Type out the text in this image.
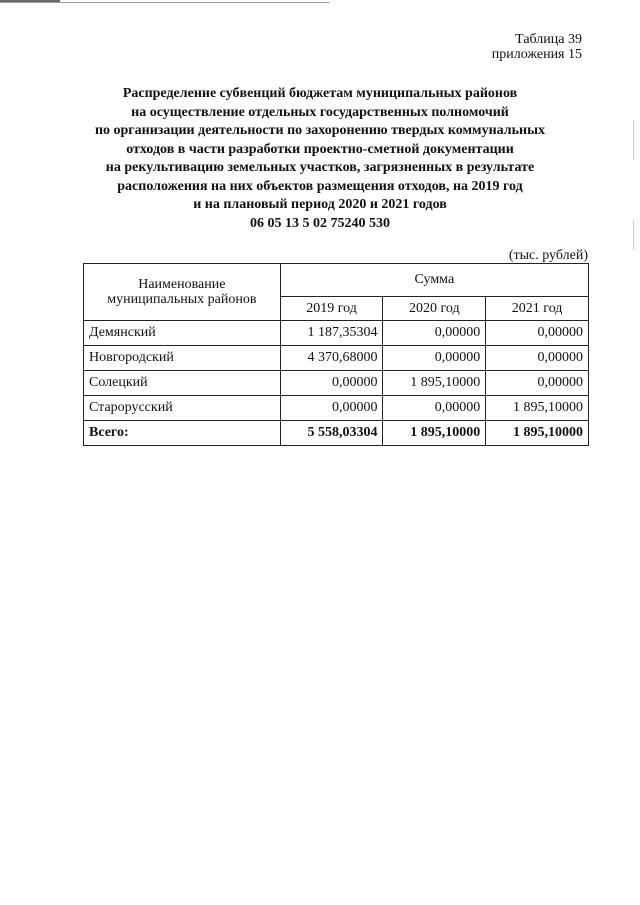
Таблица 39
приложения 15
Распределение субвенций бюджетам муниципальных районов
на осуществление отдельных государственных полномочий
по организации деятельности по захоронению твердых коммунальных
отходов в части разработки проектно-сметной документации
на рекультивацию земельных участков, загрязненных в результате
расположения на них объектов размещения отходов, на 2019 год
и на плановый период 2020 и 2021 годов
06 05 13 5 02 75240 530
(тыс. рублей)
Наименование муниципальных районов	Сумма		
	2019 год	2020 год	2021 год
Демянский	1 187,35304	0,00000	0,00000
Новгородский	4 370,68000	0,00000	0,00000
Солецкий	0,00000	1 895,10000	0,00000
Старорусский	0,00000	0,00000	1 895,10000
Всего:	5 558,03304	1 895,10000	1 895,10000
